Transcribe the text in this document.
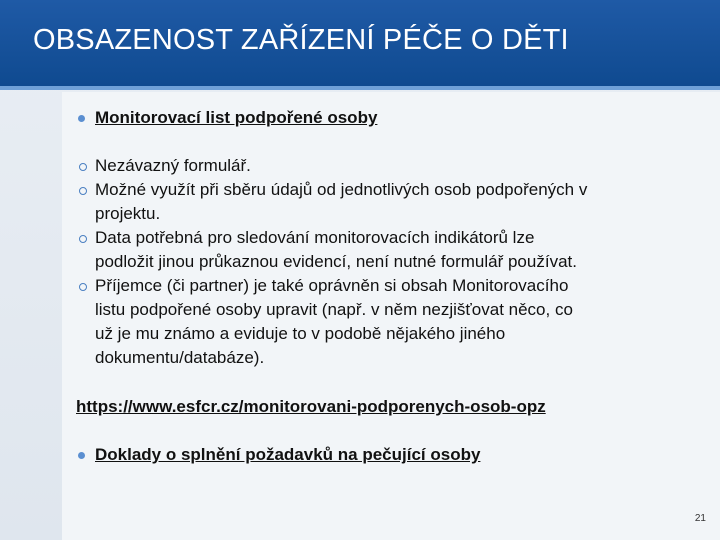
OBSAZENOST ZAŘÍZENÍ PÉČE O DĚTI
Monitorovací list podpořené osoby
Nezávazný formulář.
Možné využít při sběru údajů od jednotlivých osob podpořených v
projektu.
Data potřebná pro sledování monitorovacích indikátorů lze
podložit jinou průkaznou evidencí, není nutné formulář používat.
Příjemce (či partner) je také oprávněn si obsah Monitorovacího
listu podpořené osoby upravit (např. v něm nezjišťovat něco, co
už je mu známo a eviduje to v podobě nějakého jiného
dokumentu/databáze).
https://www.esfcr.cz/monitorovani-podporenych-osob-opz
Doklady o splnění požadavků na pečující osoby
21
